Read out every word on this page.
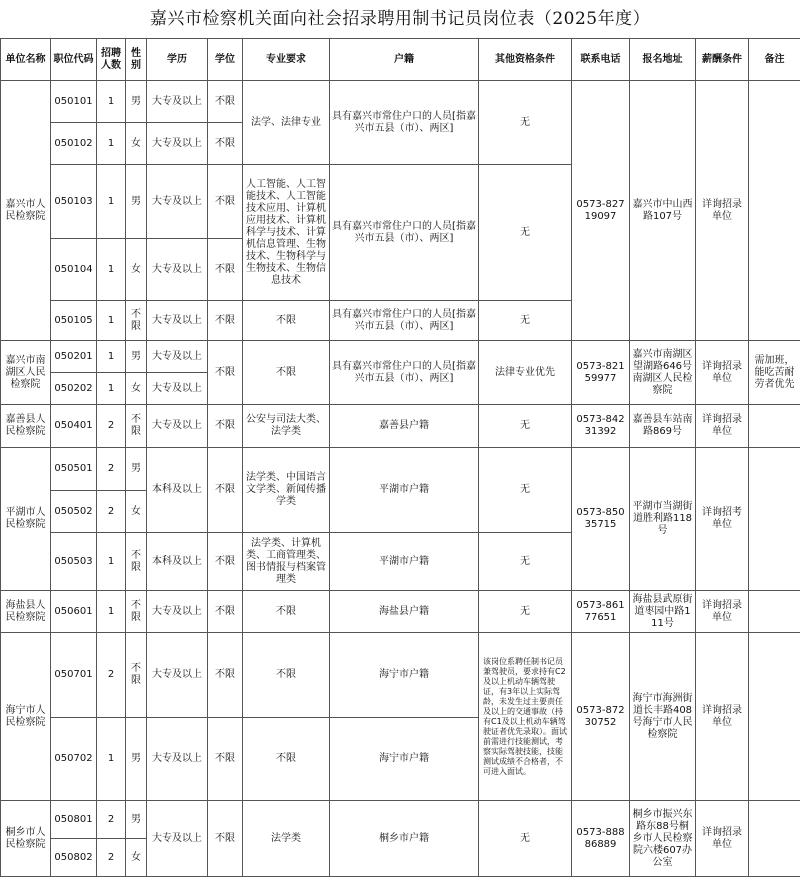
嘉兴市检察机关面向社会招录聘用制书记员岗位表（2025年度）
单位名称	职位代码	招聘人数	性别	学历	学位	专业要求	户籍	其他资格条件	联系电话	报名地址	薪酬条件	备注
嘉兴市人民检察院	050101	1	男	大专及以上	不限	法学、法律专业	具有嘉兴市常住户口的人员[指嘉兴市五县（市）、两区]	无	0573-82719097	嘉兴市中山西路107号	详询招录单位	
	050102	1	女	大专及以上	不限							
	050103	1	男	大专及以上	不限	人工智能、人工智能技术、人工智能技术应用、计算机应用技术、计算机科学与技术、计算机信息管理、生物技术、生物科学与生物技术、生物信息技术	具有嘉兴市常住户口的人员[指嘉兴市五县（市）、两区]	无				
	050104	1	女	大专及以上	不限							
	050105	1	不限	大专及以上	不限	不限	具有嘉兴市常住户口的人员[指嘉兴市五县（市）、两区]	无				
嘉兴市南湖区人民检察院	050201	1	男	大专及以上	不限	不限	具有嘉兴市常住户口的人员[指嘉兴市五县（市）、两区]	法律专业优先	0573-82159977	嘉兴市南湖区望湖路646号南湖区人民检察院	详询招录单位	需加班，能吃苦耐劳者优先
	050202	1	女	大专及以上								
嘉善县人民检察院	050401	2	不限	大专及以上	不限	公安与司法大类、法学类	嘉善县户籍	无	0573-84231392	嘉善县车站南路869号	详询招录单位	
平湖市人民检察院	050501	2	男	本科及以上	不限	法学类、中国语言文学类、新闻传播学类	平湖市户籍	无	0573-85035715	平湖市当湖街道胜利路118号	详询招考单位	
	050502	2	女									
	050503	1	不限	本科及以上	不限	法学类、计算机类、工商管理类、图书情报与档案管理类	平湖市户籍	无				
海盐县人民检察院	050601	1	不限	大专及以上	不限	不限	海盐县户籍	无	0573-86177651	海盐县武原街道枣园中路111号	详询招录单位	
海宁市人民检察院	050701	2	不限	大专及以上	不限	不限	海宁市户籍	该岗位系聘任制书记员兼驾驶员，要求持有C2及以上机动车辆驾驶证，有3年以上实际驾龄，未发生过主要责任及以上的交通事故（持有C1及以上机动车辆驾驶证者优先录取）。面试前需进行技能测试，考察实际驾驶技能，技能测试成绩不合格者，不可进入面试。	0573-87230752	海宁市海洲街道长丰路408号海宁市人民检察院	详询招录单位	
	050702	1	男	大专及以上	不限	不限	海宁市户籍					
桐乡市人民检察院	050801	2	男	大专及以上	不限	法学类	桐乡市户籍	无	0573-88886889	桐乡市振兴东路东88号桐乡市人民检察院六楼607办公室	详询招录单位	
	050802	2	女									
